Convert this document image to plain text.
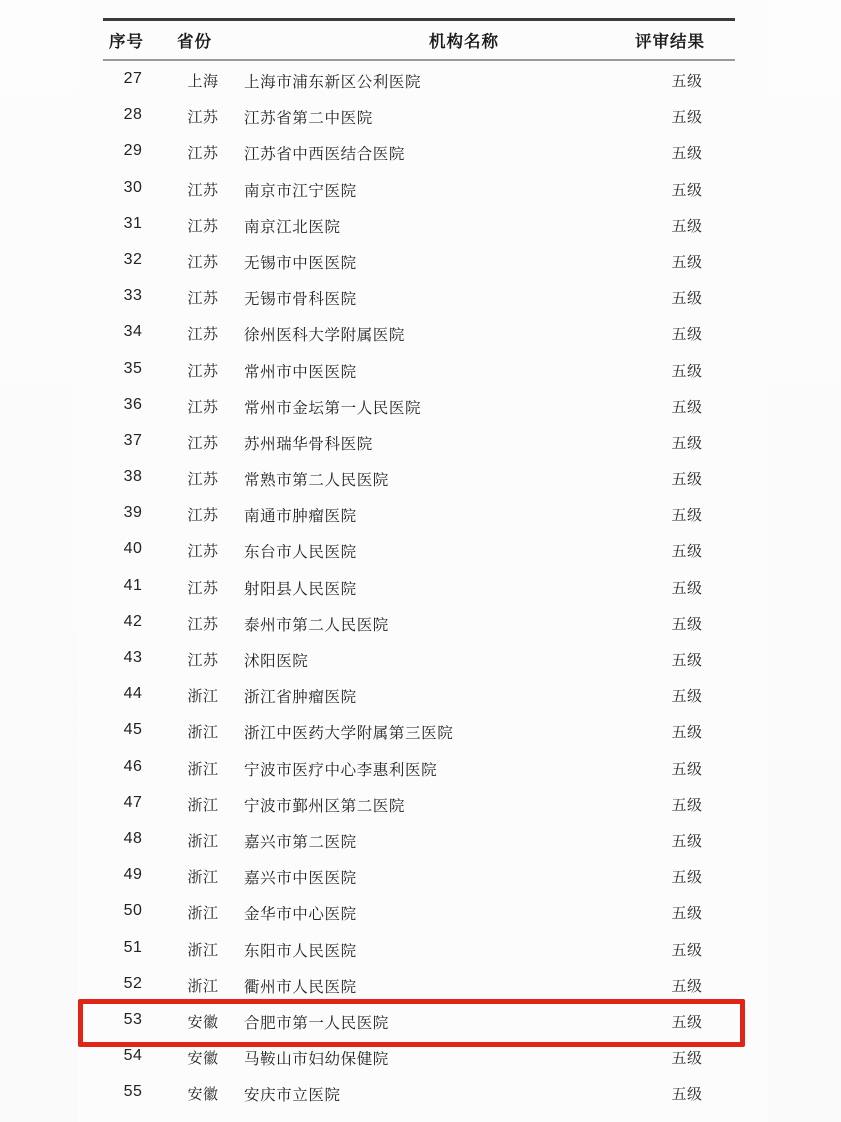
序号 省份	机构名称	评审结果
27	上海	上海市浦东新区公利医院	五级
28	江苏	江苏省第二中医院	五级
29	江苏	江苏省中西医结合医院	五级
30	江苏	南京市江宁医院	五级
31	江苏	南京江北医院	五级
32	江苏	无锡市中医医院	五级
33	江苏	无锡市骨科医院	五级
34	江苏	徐州医科大学附属医院	五级
35	江苏	常州市中医医院	五级
36	江苏	常州市金坛第一人民医院	五级
37	江苏	苏州瑞华骨科医院	五级
38	江苏	常熟市第二人民医院	五级
39	江苏	南通市肿瘤医院	五级
40	江苏	东台市人民医院	五级
41	江苏	射阳县人民医院	五级
42	江苏	泰州市第二人民医院	五级
43	江苏	沭阳医院	五级
44	浙江	浙江省肿瘤医院	五级
45	浙江	浙江中医药大学附属第三医院	五级
46	浙江	宁波市医疗中心李惠利医院	五级
47	浙江	宁波市鄞州区第二医院	五级
48	浙江	嘉兴市第二医院	五级
49	浙江	嘉兴市中医医院	五级
50	浙江	金华市中心医院	五级
51	浙江	东阳市人民医院	五级
52	浙江	衢州市人民医院	五级
53	安徽	合肥市第一人民医院	五级
54	安徽	马鞍山市妇幼保健院	五级
55	安徽	安庆市立医院	五级
